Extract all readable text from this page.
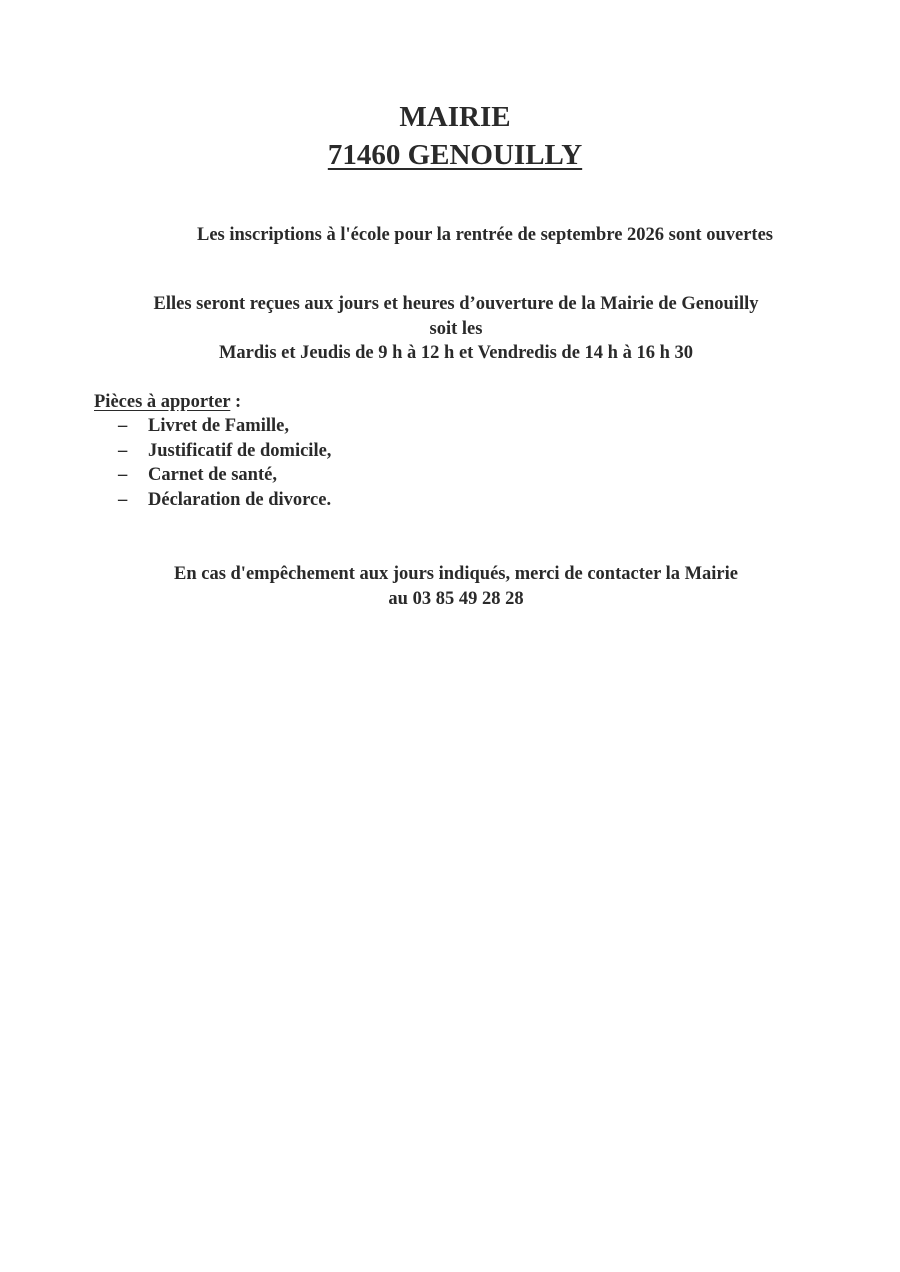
MAIRIE
71460 GENOUILLY

Les inscriptions à l'école pour la rentrée de septembre 2026 sont ouvertes

Elles seront reçues aux jours et heures d’ouverture de la Mairie de Genouilly

soit les

Mardis et Jeudis de 9 h à 12 h et Vendredis de 14 h à 16 h 30

Pièces à apporter :

–	Livret de Famille,
–	Justificatif de domicile,
–	Carnet de santé,
–	Déclaration de divorce.

En cas d'empêchement aux jours indiqués, merci de contacter la Mairie

au 03 85 49 28 28
